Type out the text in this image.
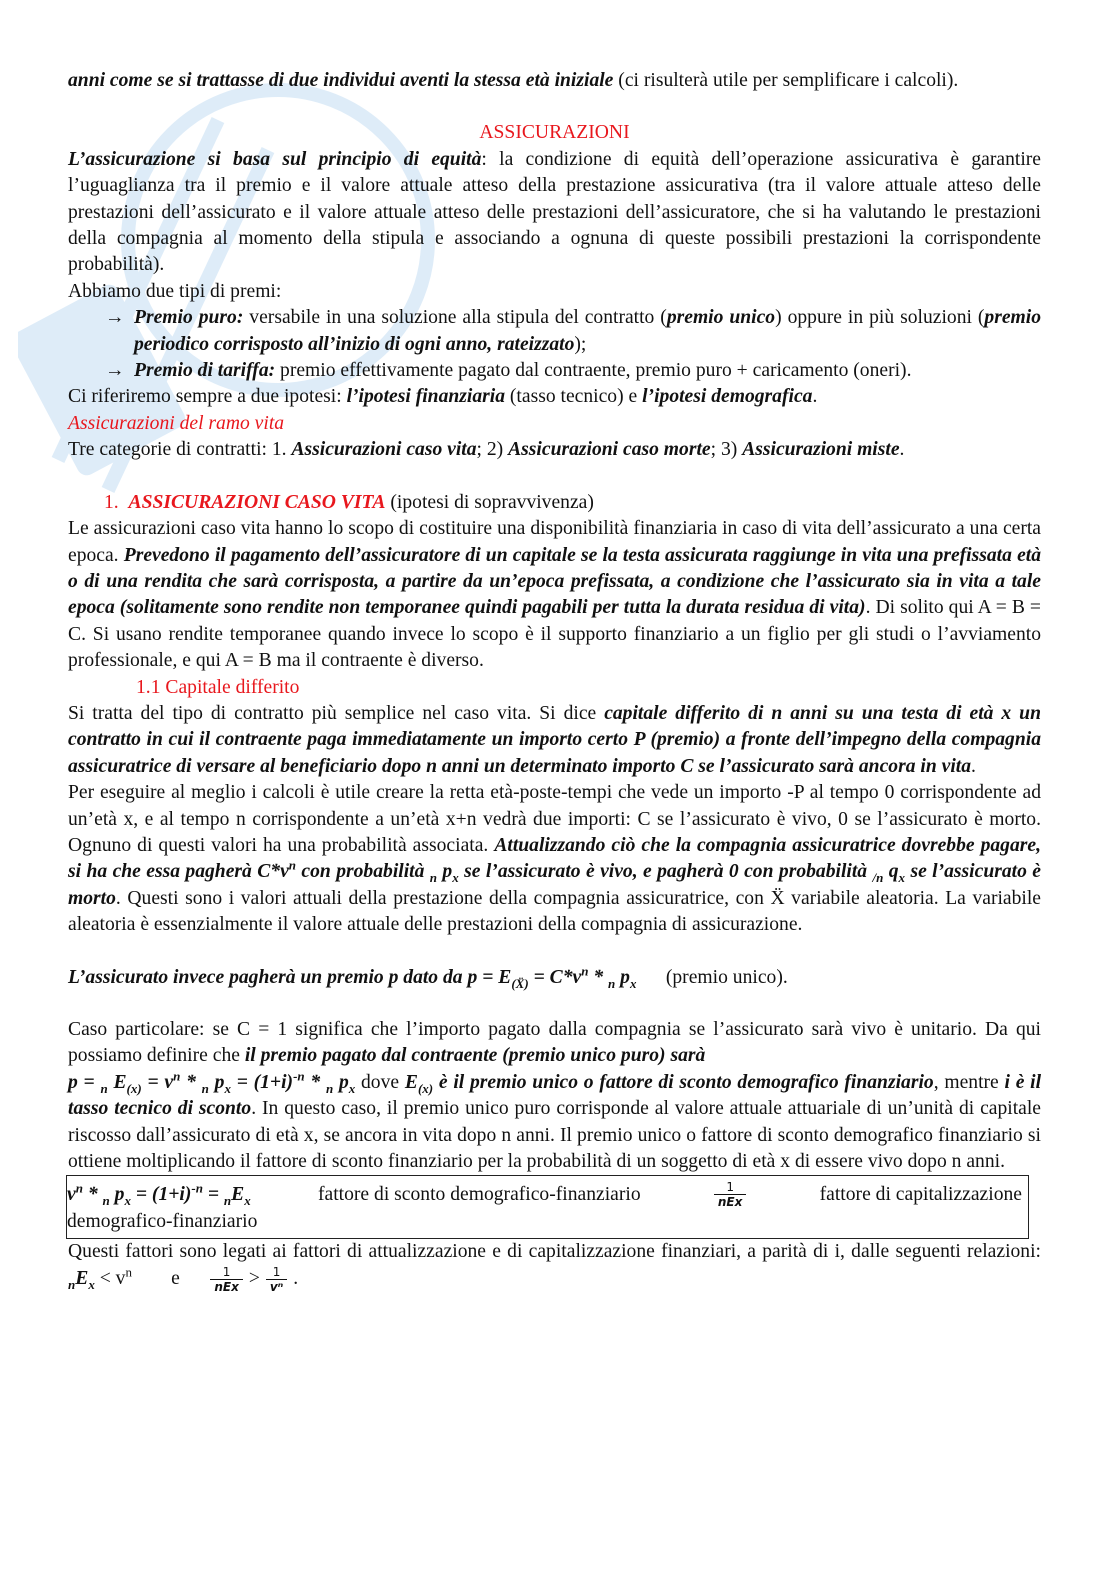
anni come se si trattasse di due individui aventi la stessa età iniziale (ci risulterà utile per semplificare i calcoli).

ASSICURAZIONI

L’assicurazione si basa sul principio di equità: la condizione di equità dell’operazione assicurativa è garantire l’uguaglianza tra il premio e il valore attuale atteso della prestazione assicurativa (tra il valore attuale atteso delle prestazioni dell’assicurato e il valore attuale atteso delle prestazioni dell’assicuratore, che si ha valutando le prestazioni della compagnia al momento della stipula e associando a ognuna di queste possibili prestazioni la corrispondente probabilità).

Abbiamo due tipi di premi:

→ Premio puro: versabile in una soluzione alla stipula del contratto (premio unico) oppure in più soluzioni (premio periodico corrisposto all’inizio di ogni anno, rateizzato);

→ Premio di tariffa: premio effettivamente pagato dal contraente, premio puro + caricamento (oneri).

Ci riferiremo sempre a due ipotesi: l’ipotesi finanziaria (tasso tecnico) e l’ipotesi demografica.

Assicurazioni del ramo vita

Tre categorie di contratti: 1. Assicurazioni caso vita; 2) Assicurazioni caso morte; 3) Assicurazioni miste.

1. ASSICURAZIONI CASO VITA (ipotesi di sopravvivenza)

Le assicurazioni caso vita hanno lo scopo di costituire una disponibilità finanziaria in caso di vita dell’assicurato a una certa epoca. Prevedono il pagamento dell’assicuratore di un capitale se la testa assicurata raggiunge in vita una prefissata età o di una rendita che sarà corrisposta, a partire da un’epoca prefissata, a condizione che l’assicurato sia in vita a tale epoca (solitamente sono rendite non temporanee quindi pagabili per tutta la durata residua di vita). Di solito qui A = B = C. Si usano rendite temporanee quando invece lo scopo è il supporto finanziario a un figlio per gli studi o l’avviamento professionale, e qui A = B ma il contraente è diverso.

1.1 Capitale differito

Si tratta del tipo di contratto più semplice nel caso vita. Si dice capitale differito di n anni su una testa di età x un contratto in cui il contraente paga immediatamente un importo certo P (premio) a fronte dell’impegno della compagnia assicuratrice di versare al beneficiario dopo n anni un determinato importo C se l’assicurato sarà ancora in vita.

Per eseguire al meglio i calcoli è utile creare la retta età-poste-tempi che vede un importo -P al tempo 0 corrispondente ad un’età x, e al tempo n corrispondente a un’età x+n vedrà due importi: C se l’assicurato è vivo, 0 se l’assicurato è morto. Ognuno di questi valori ha una probabilità associata. Attualizzando ciò che la compagnia assicuratrice dovrebbe pagare, si ha che essa pagherà $C*v^n$ con probabilità $_n$ $p_x$ se l’assicurato è vivo, e pagherà 0 con probabilità $_{/n}$ $q_x$ se l’assicurato è morto. Questi sono i valori attuali della prestazione della compagnia assicuratrice, con Ẍ variabile aleatoria. La variabile aleatoria è essenzialmente il valore attuale delle prestazioni della compagnia di assicurazione.

L’assicurato invece pagherà un premio p dato da $p = E_{(Ẍ)} = C*v^n * _n$ $p_x$ (premio unico).

Caso particolare: se C = 1 significa che l’importo pagato dalla compagnia se l’assicurato sarà vivo è unitario. Da qui possiamo definire che il premio pagato dal contraente (premio unico puro) sarà

p = $_n$ $E_{(x)} = v^n * _n$ $p_x = (1+i)^{-n} * _n$ $p_x$ dove $E_{(x)}$ è il premio unico o fattore di sconto demografico finanziario, mentre i è il tasso tecnico di sconto. In questo caso, il premio unico puro corrisponde al valore attuale attuariale di un’unità di capitale riscosso dall’assicurato di età x, se ancora in vita dopo n anni. Il premio unico o fattore di sconto demografico finanziario si ottiene moltiplicando il fattore di sconto finanziario per la probabilità di un soggetto di età x di essere vivo dopo n anni.

$v^n * _n$ $p_x = (1+i)^{-n} = _nE_x$	fattore di sconto demografico-finanziario	$\frac{1}{\text{nEx}}$	fattore di capitalizzazione
demografico-finanziario

Questi fattori sono legati ai fattori di attualizzazione e di capitalizzazione finanziari, a parità di i, dalle seguenti relazioni: $_nE_x < v^n$ e	$\frac{1}{\text{nEx}} > \frac{1}{\text{vⁿ}}$ .
